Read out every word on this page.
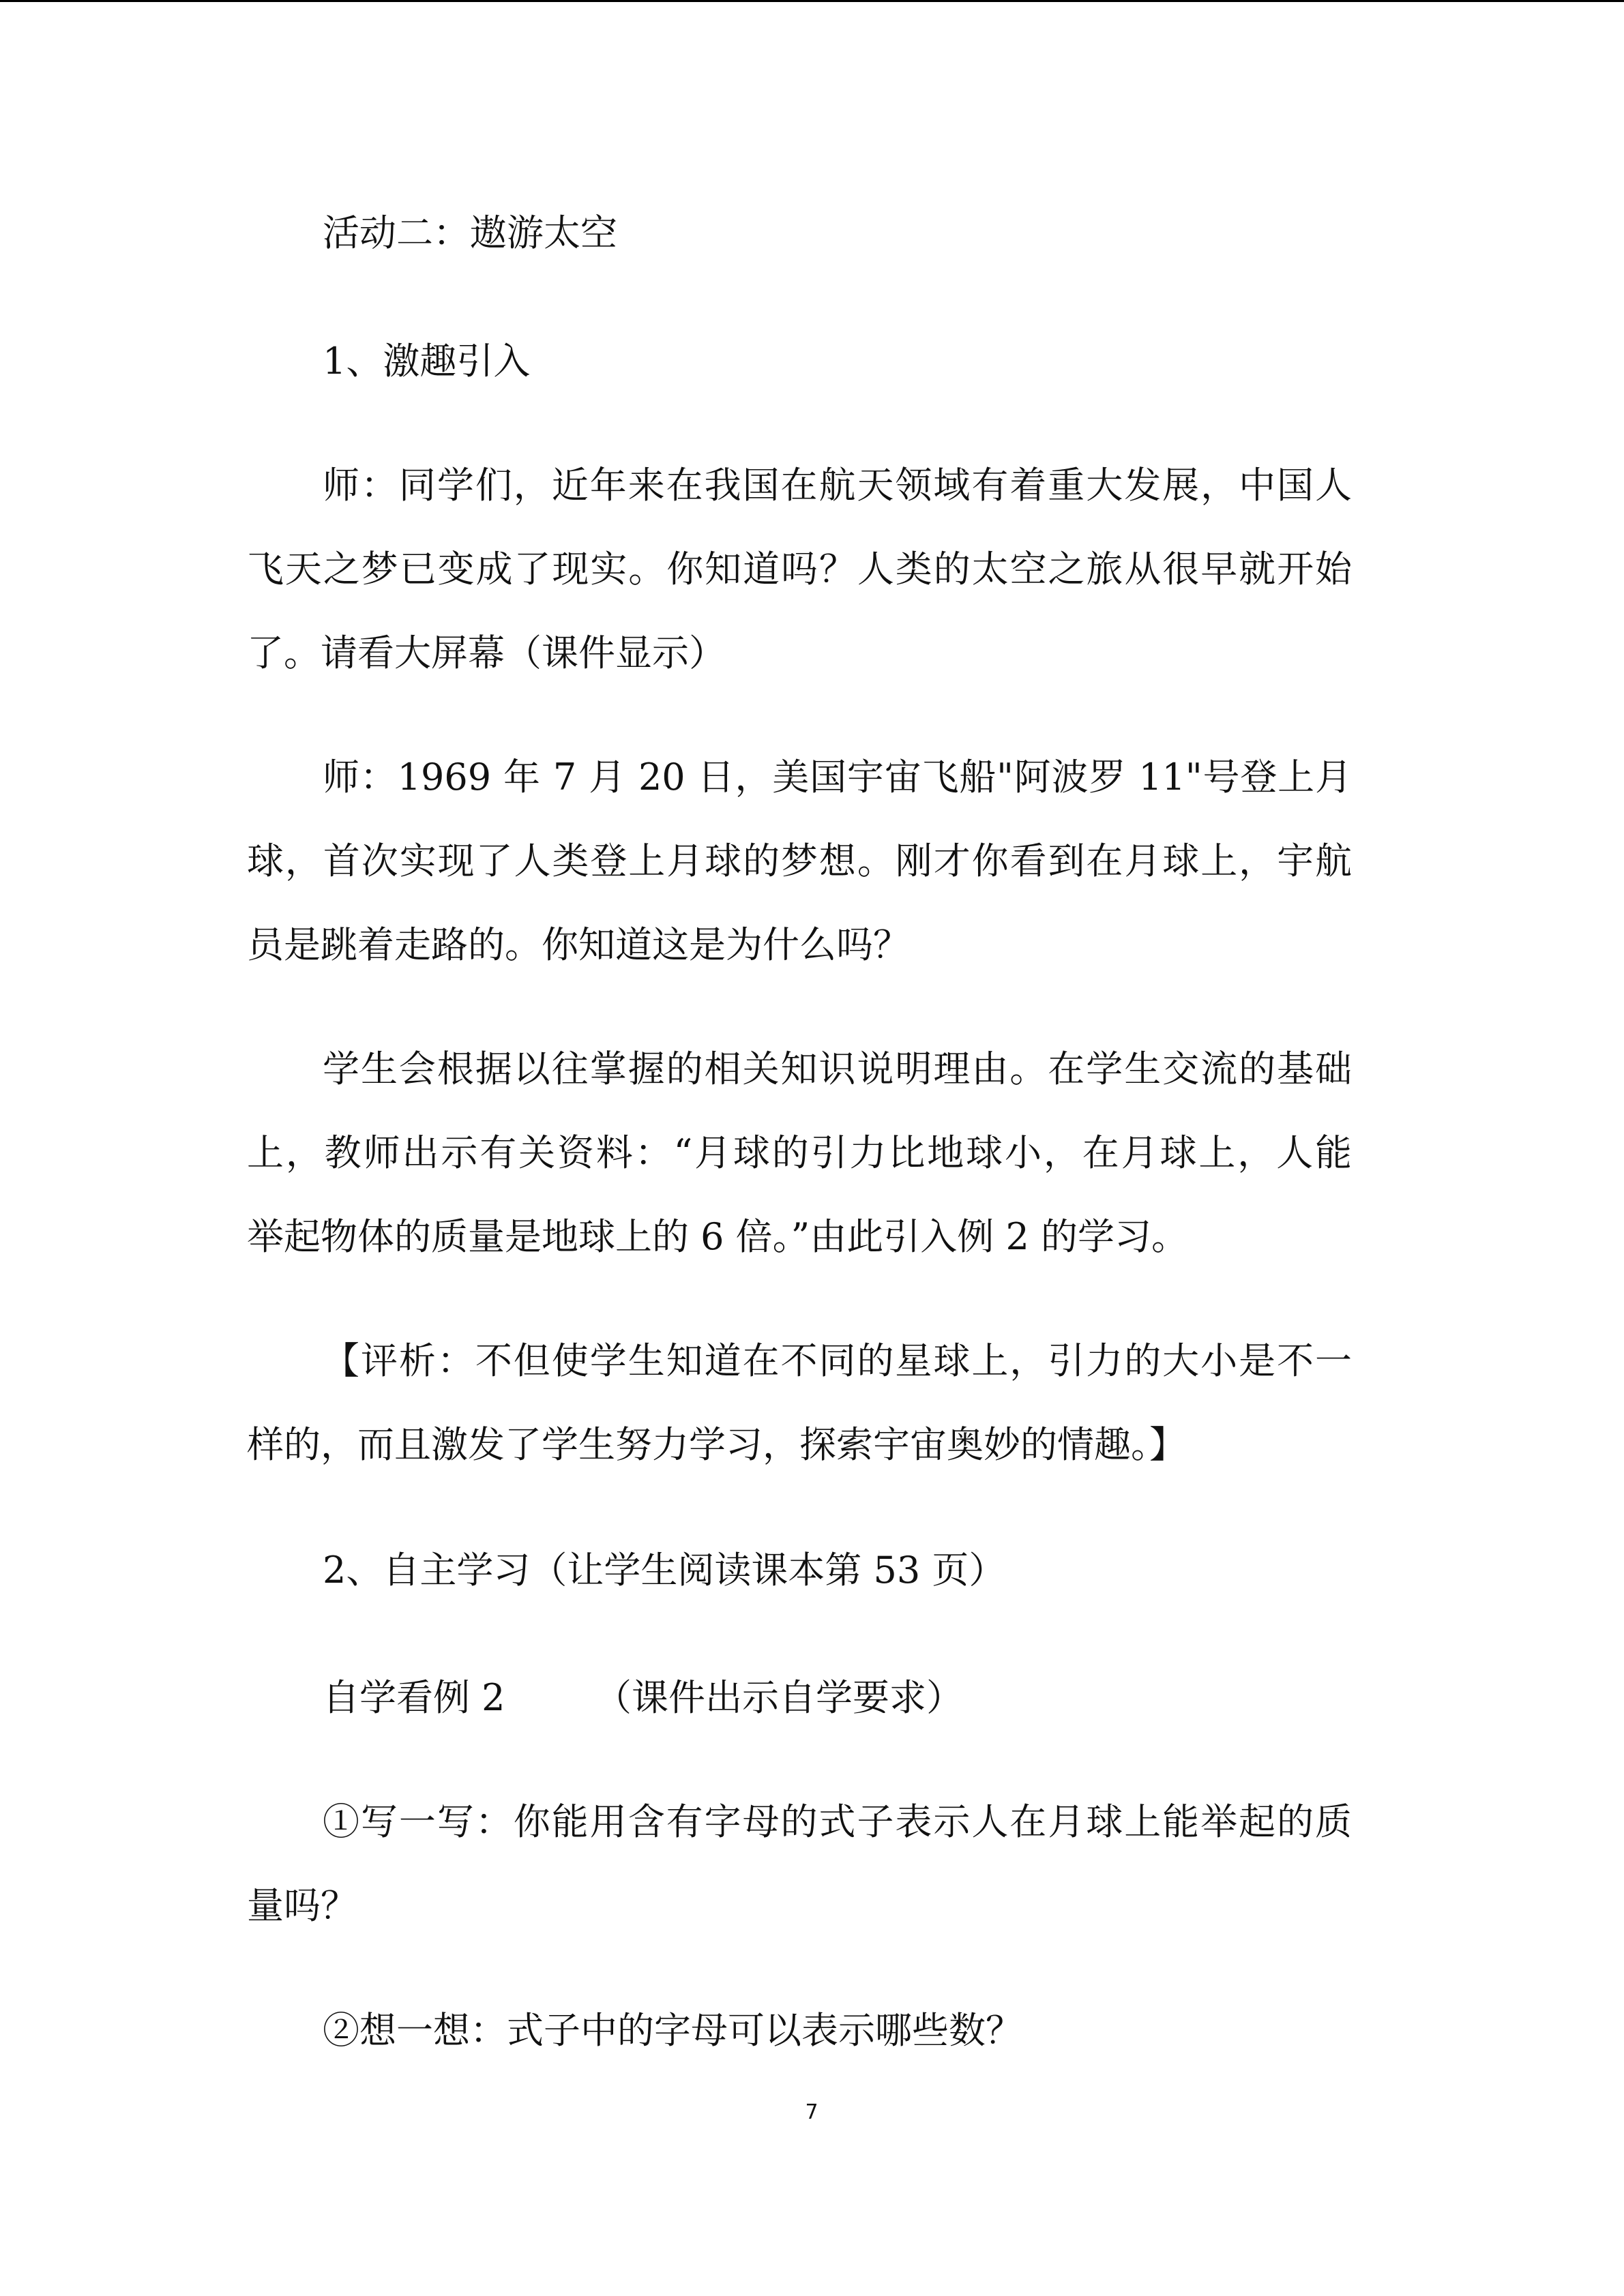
活动二：遨游太空

1、激趣引入

师：同学们，近年来在我国在航天领域有着重大发展，中国人

飞天之梦已变成了现实。你知道吗？人类的太空之旅从很早就开始

了。请看大屏幕（课件显示）

师：1969 年 7 月 20 日，美国宇宙飞船"阿波罗 11"号登上月

球，首次实现了人类登上月球的梦想。刚才你看到在月球上，宇航

员是跳着走路的。你知道这是为什么吗？

学生会根据以往掌握的相关知识说明理由。在学生交流的基础

上，教师出示有关资料：“月球的引力比地球小，在月球上，人能

举起物体的质量是地球上的 6 倍。”由此引入例 2 的学习。

【评析：不但使学生知道在不同的星球上，引力的大小是不一

样的，而且激发了学生努力学习，探索宇宙奥妙的情趣。】

2、自主学习（让学生阅读课本第 53 页）

自学看例 2 （课件出示自学要求）

①写一写：你能用含有字母的式子表示人在月球上能举起的质

量吗？

②想一想：式子中的字母可以表示哪些数？

7
